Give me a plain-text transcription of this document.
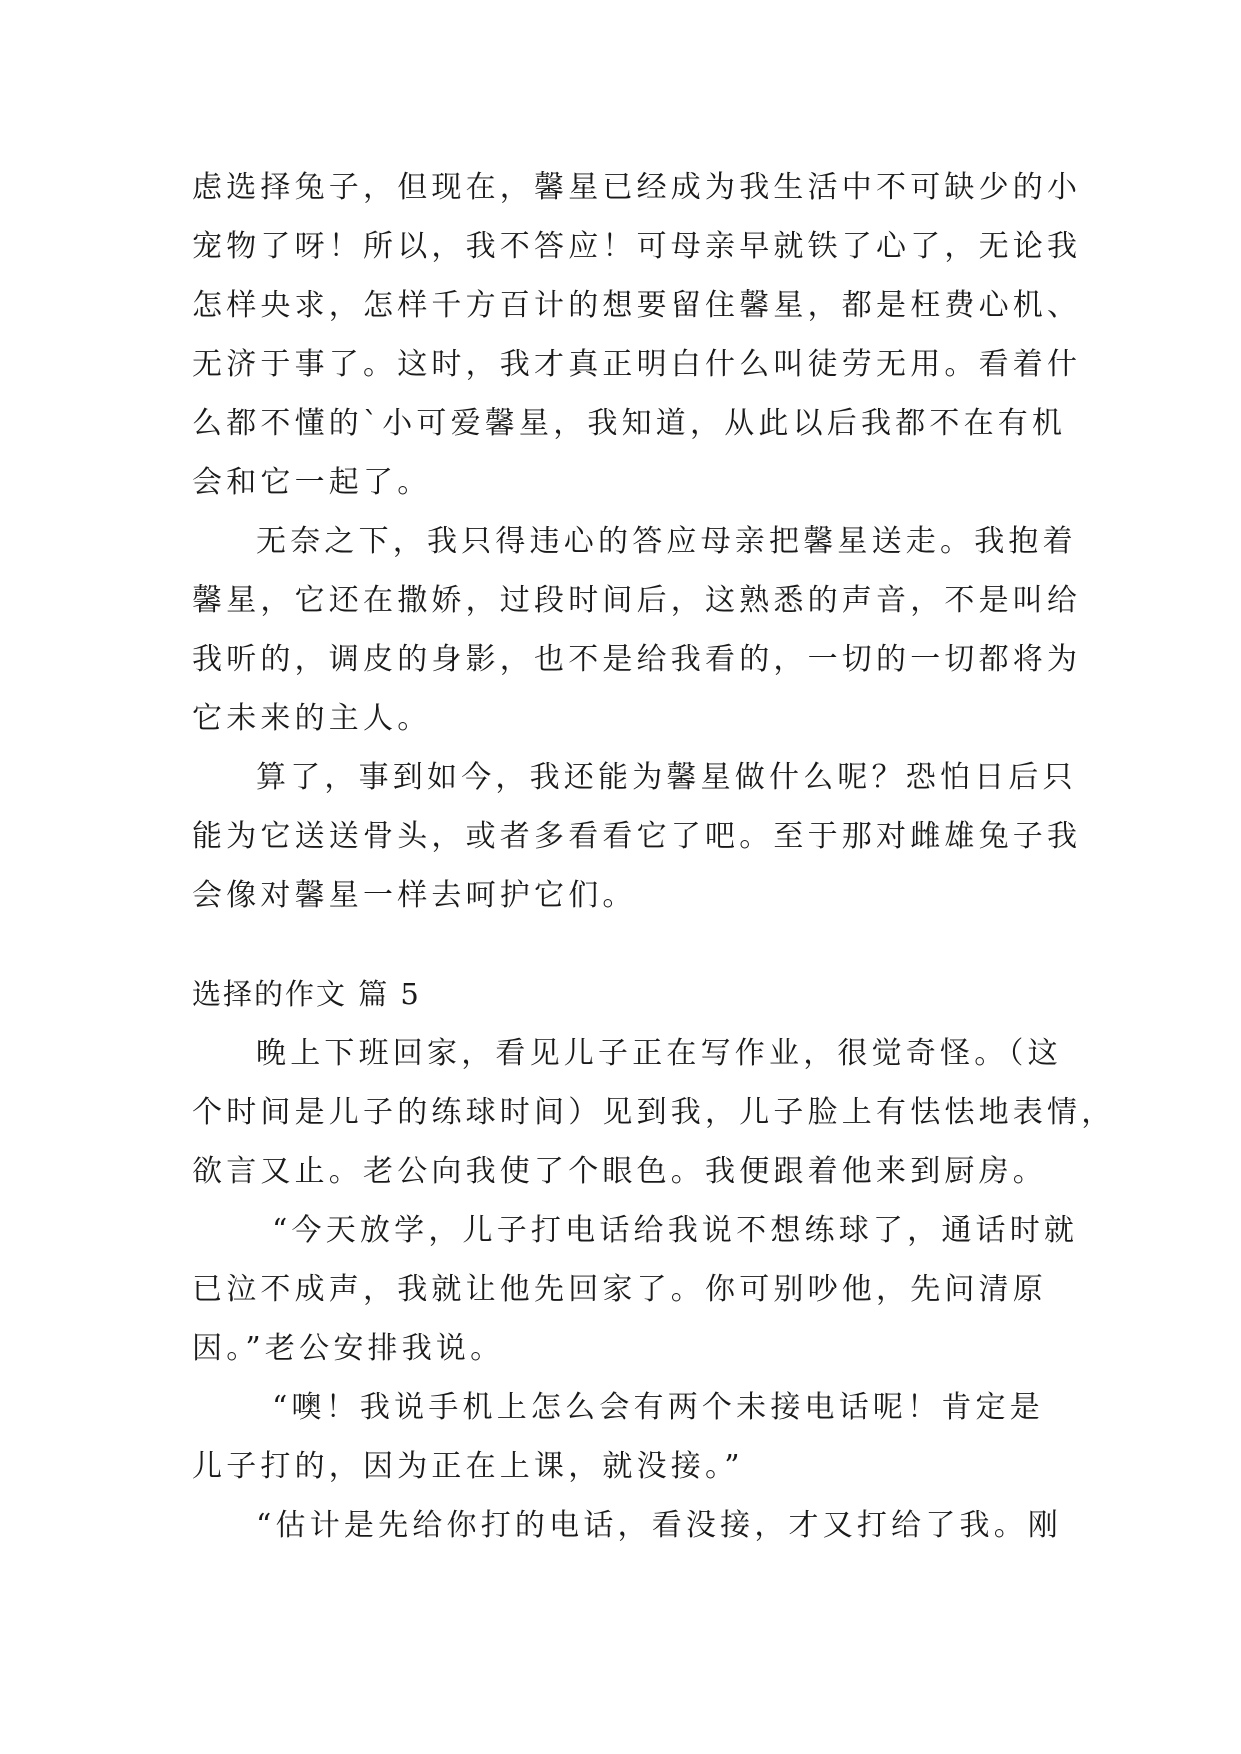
虑选择兔子，但现在，馨星已经成为我生活中不可缺少的小
宠物了呀！所以，我不答应！可母亲早就铁了心了，无论我
怎样央求，怎样千方百计的想要留住馨星，都是枉费心机、
无济于事了。这时，我才真正明白什么叫徒劳无用。看着什
么都不懂的`小可爱馨星，我知道，从此以后我都不在有机
会和它一起了。
无奈之下，我只得违心的答应母亲把馨星送走。我抱着
馨星，它还在撒娇，过段时间后，这熟悉的声音，不是叫给
我听的，调皮的身影，也不是给我看的，一切的一切都将为
它未来的主人。
算了，事到如今，我还能为馨星做什么呢？恐怕日后只
能为它送送骨头，或者多看看它了吧。至于那对雌雄兔子我
会像对馨星一样去呵护它们。
选择的作文 篇 5
晚上下班回家，看见儿子正在写作业，很觉奇怪。（这
个时间是儿子的练球时间）见到我，儿子脸上有怯怯地表情，
欲言又止。老公向我使了个眼色。我便跟着他来到厨房。
“今天放学，儿子打电话给我说不想练球了，通话时就
已泣不成声，我就让他先回家了。你可别吵他，先问清原
因。”老公安排我说。
“噢！我说手机上怎么会有两个未接电话呢！肯定是
儿子打的，因为正在上课，就没接。”
“估计是先给你打的电话，看没接，才又打给了我。刚
